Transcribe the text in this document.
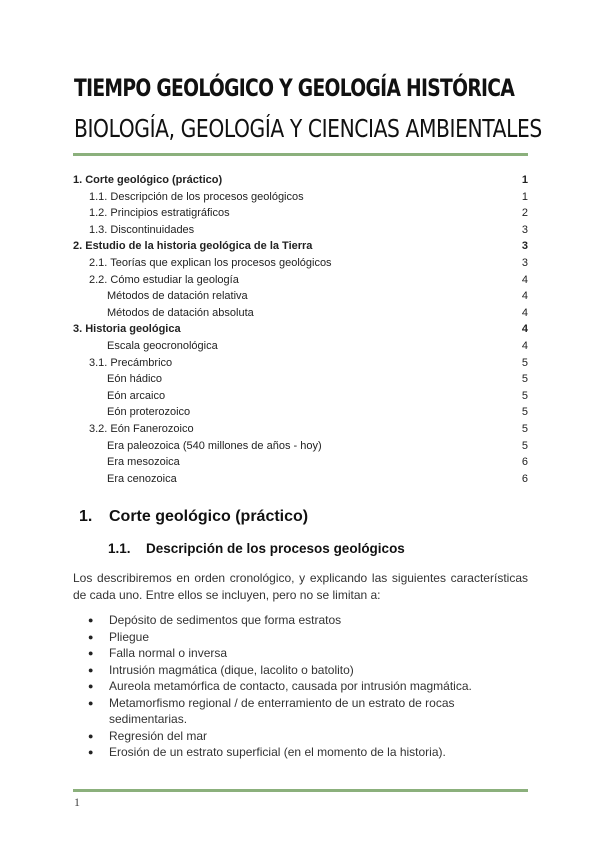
TIEMPO GEOLÓGICO Y GEOLOGÍA HISTÓRICA
BIOLOGÍA, GEOLOGÍA Y CIENCIAS AMBIENTALES
1. Corte geológico (práctico)	1
1.1. Descripción de los procesos geológicos	1
1.2. Principios estratigráficos	2
1.3. Discontinuidades	3
2. Estudio de la historia geológica de la Tierra	3
2.1. Teorías que explican los procesos geológicos	3
2.2. Cómo estudiar la geología	4
Métodos de datación relativa	4
Métodos de datación absoluta	4
3. Historia geológica	4
Escala geocronológica	4
3.1. Precámbrico	5
Eón hádico	5
Eón arcaico	5
Eón proterozoico	5
3.2. Eón Fanerozoico	5
Era paleozoica (540 millones de años - hoy)	5
Era mesozoica	6
Era cenozoica	6
1. Corte geológico (práctico)
1.1. Descripción de los procesos geológicos
Los describiremos en orden cronológico, y explicando las siguientes características de cada uno. Entre ellos se incluyen, pero no se limitan a:
● Depósito de sedimentos que forma estratos
● Pliegue
● Falla normal o inversa
● Intrusión magmática (dique, lacolito o batolito)
● Aureola metamórfica de contacto, causada por intrusión magmática.
● Metamorfismo regional / de enterramiento de un estrato de rocas sedimentarias.
● Regresión del mar
● Erosión de un estrato superficial (en el momento de la historia).
1
